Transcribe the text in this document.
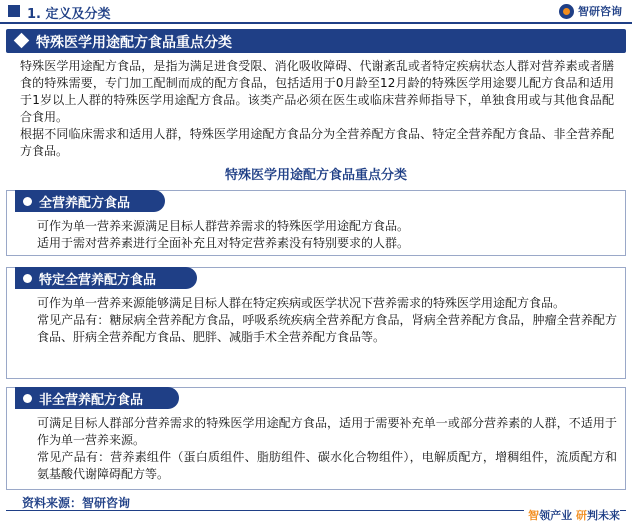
1. 定义及分类	智研咨询
特殊医学用途配方食品重点分类

特殊医学用途配方食品，是指为满足进食受限、消化吸收障碍、代谢紊乱或者特定疾病状态人群对营养素或者膳食的特殊需要，专门加工配制而成的配方食品，包括适用于0月龄至12月龄的特殊医学用途婴儿配方食品和适用于1岁以上人群的特殊医学用途配方食品。该类产品必须在医生或临床营养师指导下，单独食用或与其他食品配合食用。

根据不同临床需求和适用人群，特殊医学用途配方食品分为全营养配方食品、特定全营养配方食品、非全营养配方食品。

特殊医学用途配方食品重点分类
全营养配方食品

可作为单一营养来源满足目标人群营养需求的特殊医学用途配方食品。

适用于需对营养素进行全面补充且对特定营养素没有特别要求的人群。

特定全营养配方食品

可作为单一营养来源能够满足目标人群在特定疾病或医学状况下营养需求的特殊医学用途配方食品。

常见产品有：糖尿病全营养配方食品，呼吸系统疾病全营养配方食品，肾病全营养配方食品，肿瘤全营养配方食品、肝病全营养配方食品、肥胖、减脂手术全营养配方食品等。

非全营养配方食品

可满足目标人群部分营养需求的特殊医学用途配方食品，适用于需要补充单一或部分营养素的人群，不适用于作为单一营养来源。

常见产品有：营养素组件（蛋白质组件、脂肪组件、碳水化合物组件），电解质配方，增稠组件，流质配方和氨基酸代谢障碍配方等。

资料来源：智研咨询
智领产业 研判未来
